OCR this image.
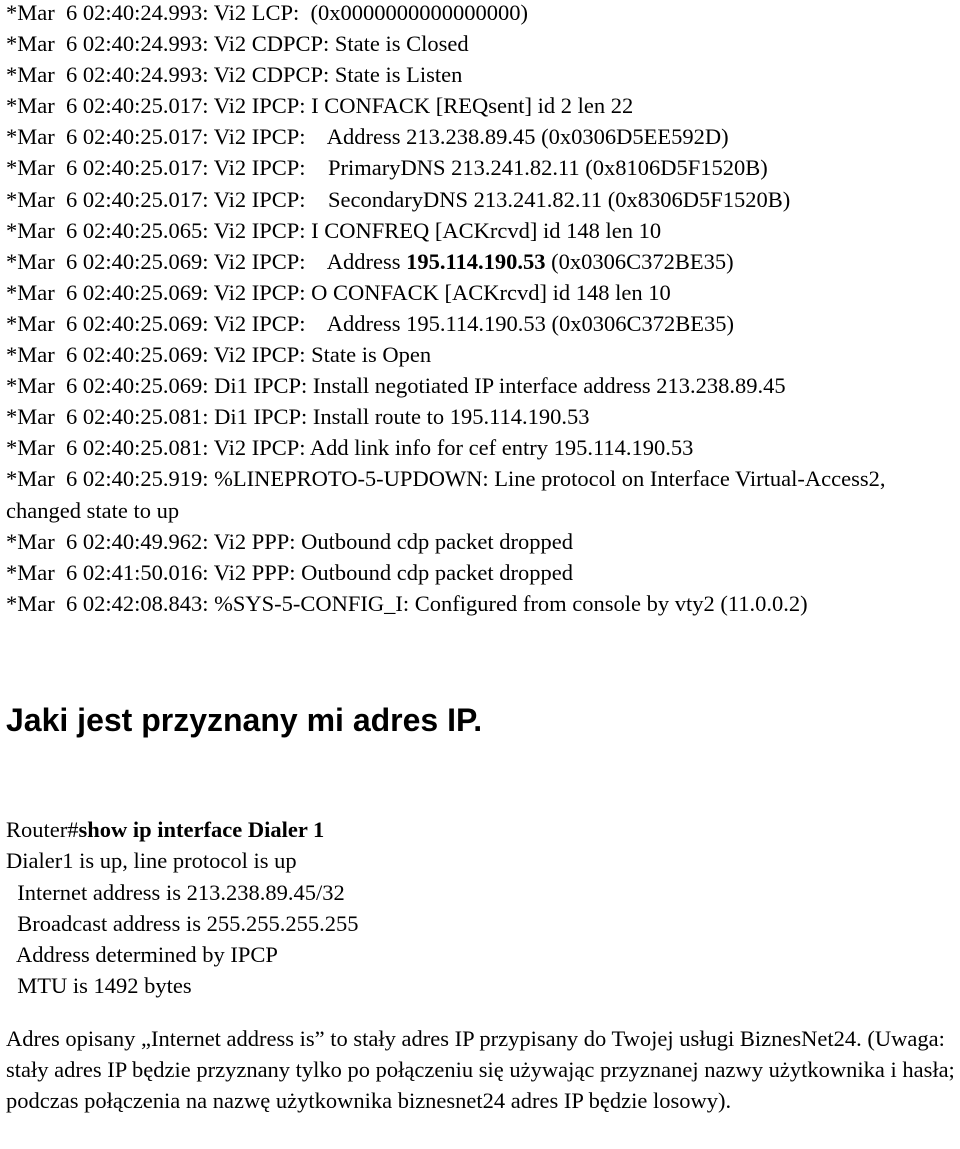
*Mar  6 02:40:24.993: Vi2 LCP:  (0x0000000000000000)
*Mar  6 02:40:24.993: Vi2 CDPCP: State is Closed
*Mar  6 02:40:24.993: Vi2 CDPCP: State is Listen
*Mar  6 02:40:25.017: Vi2 IPCP: I CONFACK [REQsent] id 2 len 22
*Mar  6 02:40:25.017: Vi2 IPCP:    Address 213.238.89.45 (0x0306D5EE592D)
*Mar  6 02:40:25.017: Vi2 IPCP:    PrimaryDNS 213.241.82.11 (0x8106D5F1520B)
*Mar  6 02:40:25.017: Vi2 IPCP:    SecondaryDNS 213.241.82.11 (0x8306D5F1520B)
*Mar  6 02:40:25.065: Vi2 IPCP: I CONFREQ [ACKrcvd] id 148 len 10
*Mar  6 02:40:25.069: Vi2 IPCP:    Address 195.114.190.53 (0x0306C372BE35)
*Mar  6 02:40:25.069: Vi2 IPCP: O CONFACK [ACKrcvd] id 148 len 10
*Mar  6 02:40:25.069: Vi2 IPCP:    Address 195.114.190.53 (0x0306C372BE35)
*Mar  6 02:40:25.069: Vi2 IPCP: State is Open
*Mar  6 02:40:25.069: Di1 IPCP: Install negotiated IP interface address 213.238.89.45
*Mar  6 02:40:25.081: Di1 IPCP: Install route to 195.114.190.53
*Mar  6 02:40:25.081: Vi2 IPCP: Add link info for cef entry 195.114.190.53
*Mar  6 02:40:25.919: %LINEPROTO-5-UPDOWN: Line protocol on Interface Virtual-Access2, changed state to up
*Mar  6 02:40:49.962: Vi2 PPP: Outbound cdp packet dropped
*Mar  6 02:41:50.016: Vi2 PPP: Outbound cdp packet dropped
*Mar  6 02:42:08.843: %SYS-5-CONFIG_I: Configured from console by vty2 (11.0.0.2)
Jaki jest przyznany mi adres IP.
Router#show ip interface Dialer 1
Dialer1 is up, line protocol is up
Internet address is 213.238.89.45/32
Broadcast address is 255.255.255.255
Address determined by IPCP
MTU is 1492 bytes
Adres opisany „Internet address is” to stały adres IP przypisany do Twojej usługi BiznesNet24. (Uwaga: stały adres IP będzie przyznany tylko po połączeniu się używając przyznanej nazwy użytkownika i hasła; podczas połączenia na nazwę użytkownika biznesnet24 adres IP będzie losowy).
